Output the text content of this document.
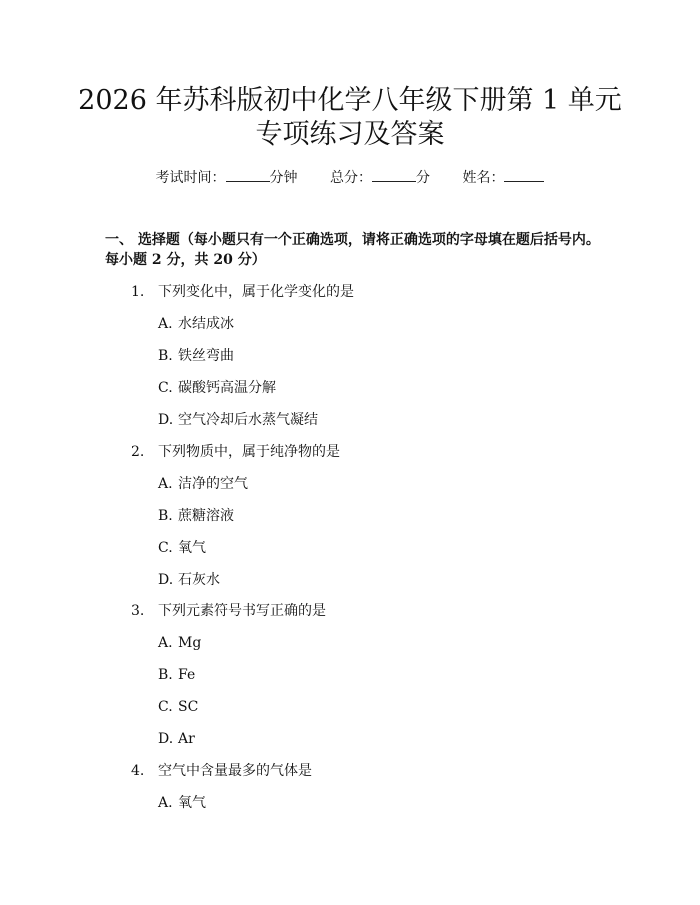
2026 年苏科版初中化学八年级下册第 1 单元
专项练习及答案
考试时间：	分钟 总分：	分 姓名：
一、 选择题（每小题只有一个正确选项，请将正确选项的字母填在题后括号内。
每小题 2 分，共 20 分）
1. 下列变化中，属于化学变化的是
A. 水结成冰
B. 铁丝弯曲
C. 碳酸钙高温分解
D. 空气冷却后水蒸气凝结
2. 下列物质中，属于纯净物的是
A. 洁净的空气
B. 蔗糖溶液
C. 氧气
D. 石灰水
3. 下列元素符号书写正确的是
A. Mg
B. Fe
C. SC
D. Ar
4. 空气中含量最多的气体是
A. 氧气
